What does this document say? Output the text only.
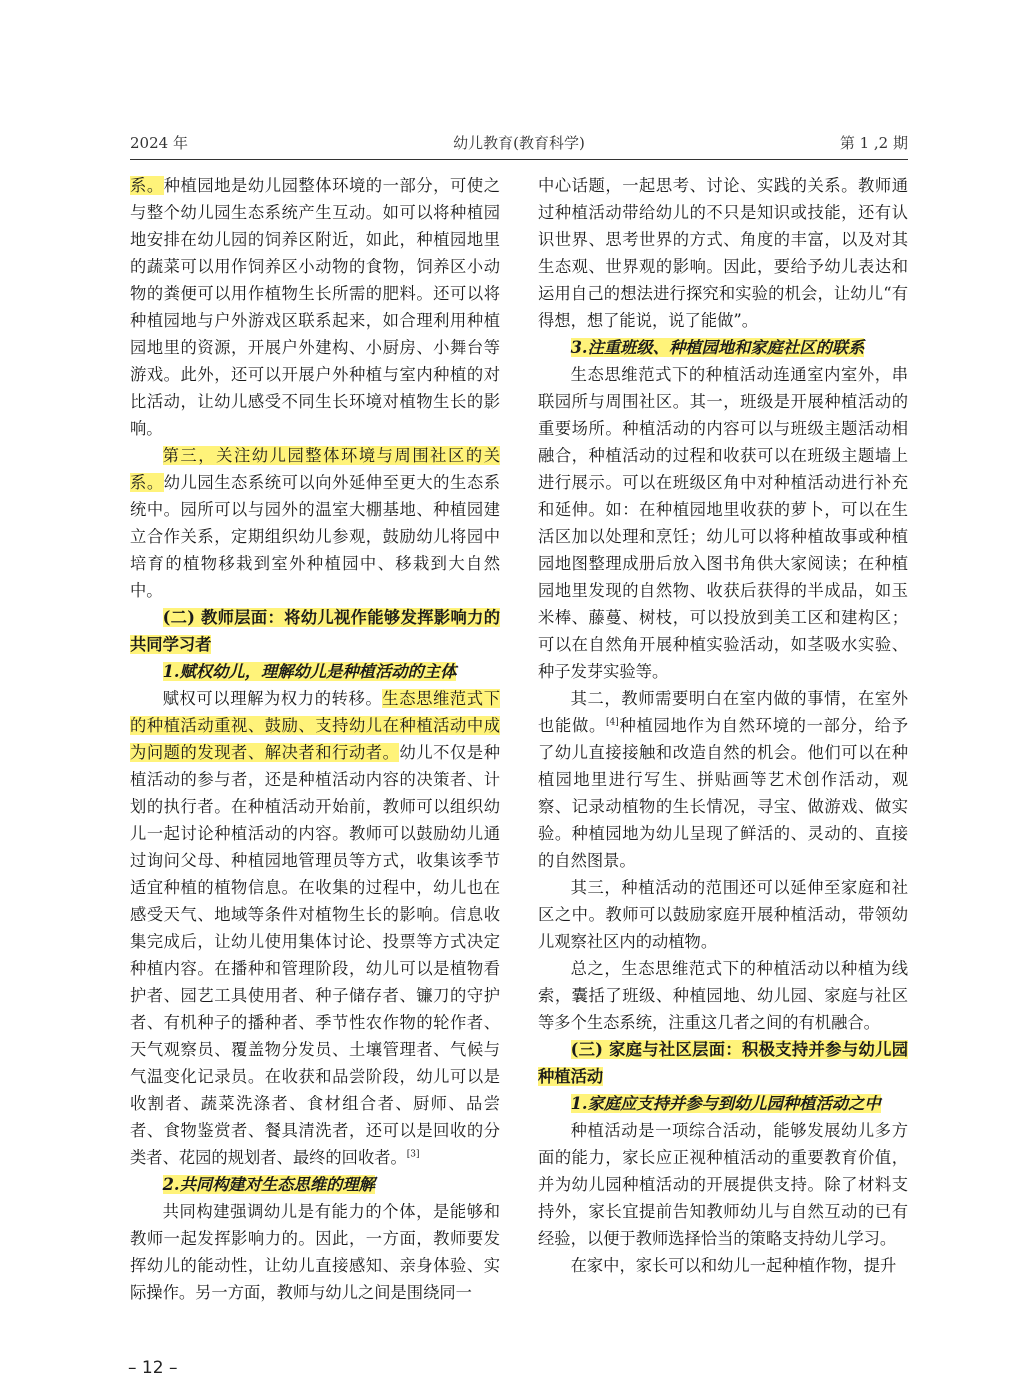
2024 年	幼儿教育(教育科学)	第 1 ,2 期

系。种植园地是幼儿园整体环境的一部分，可使之与整个幼儿园生态系统产生互动。如可以将种植园地安排在幼儿园的饲养区附近，如此，种植园地里的蔬菜可以用作饲养区小动物的食物，饲养区小动物的粪便可以用作植物生长所需的肥料。还可以将种植园地与户外游戏区联系起来，如合理利用种植园地里的资源，开展户外建构、小厨房、小舞台等游戏。此外，还可以开展户外种植与室内种植的对比活动，让幼儿感受不同生长环境对植物生长的影响。

第三，关注幼儿园整体环境与周围社区的关系。幼儿园生态系统可以向外延伸至更大的生态系统中。园所可以与园外的温室大棚基地、种植园建立合作关系，定期组织幼儿参观，鼓励幼儿将园中培育的植物移栽到室外种植园中、移栽到大自然中。

(二) 教师层面：将幼儿视作能够发挥影响力的共同学习者

1.赋权幼儿，理解幼儿是种植活动的主体

赋权可以理解为权力的转移。生态思维范式下的种植活动重视、鼓励、支持幼儿在种植活动中成为问题的发现者、解决者和行动者。幼儿不仅是种植活动的参与者，还是种植活动内容的决策者、计划的执行者。在种植活动开始前，教师可以组织幼儿一起讨论种植活动的内容。教师可以鼓励幼儿通过询问父母、种植园地管理员等方式，收集该季节适宜种植的植物信息。在收集的过程中，幼儿也在感受天气、地域等条件对植物生长的影响。信息收集完成后，让幼儿使用集体讨论、投票等方式决定种植内容。在播种和管理阶段，幼儿可以是植物看护者、园艺工具使用者、种子储存者、镰刀的守护者、有机种子的播种者、季节性农作物的轮作者、天气观察员、覆盖物分发员、土壤管理者、气候与气温变化记录员。在收获和品尝阶段，幼儿可以是收割者、蔬菜洗涤者、食材组合者、厨师、品尝者、食物鉴赏者、餐具清洗者，还可以是回收的分类者、花园的规划者、最终的回收者。[3]

2.共同构建对生态思维的理解

共同构建强调幼儿是有能力的个体，是能够和教师一起发挥影响力的。因此，一方面，教师要发挥幼儿的能动性，让幼儿直接感知、亲身体验、实际操作。另一方面，教师与幼儿之间是围绕同一

中心话题，一起思考、讨论、实践的关系。教师通过种植活动带给幼儿的不只是知识或技能，还有认识世界、思考世界的方式、角度的丰富，以及对其生态观、世界观的影响。因此，要给予幼儿表达和运用自己的想法进行探究和实验的机会，让幼儿“有得想，想了能说，说了能做”。

3.注重班级、种植园地和家庭社区的联系

生态思维范式下的种植活动连通室内室外，串联园所与周围社区。其一，班级是开展种植活动的重要场所。种植活动的内容可以与班级主题活动相融合，种植活动的过程和收获可以在班级主题墙上进行展示。可以在班级区角中对种植活动进行补充和延伸。如：在种植园地里收获的萝卜，可以在生活区加以处理和烹饪；幼儿可以将种植故事或种植园地图整理成册后放入图书角供大家阅读；在种植园地里发现的自然物、收获后获得的半成品，如玉米棒、藤蔓、树枝，可以投放到美工区和建构区；可以在自然角开展种植实验活动，如茎吸水实验、种子发芽实验等。

其二，教师需要明白在室内做的事情，在室外也能做。[4]种植园地作为自然环境的一部分，给予了幼儿直接接触和改造自然的机会。他们可以在种植园地里进行写生、拼贴画等艺术创作活动，观察、记录动植物的生长情况，寻宝、做游戏、做实验。种植园地为幼儿呈现了鲜活的、灵动的、直接的自然图景。

其三，种植活动的范围还可以延伸至家庭和社区之中。教师可以鼓励家庭开展种植活动，带领幼儿观察社区内的动植物。

总之，生态思维范式下的种植活动以种植为线索，囊括了班级、种植园地、幼儿园、家庭与社区等多个生态系统，注重这几者之间的有机融合。

(三) 家庭与社区层面：积极支持并参与幼儿园种植活动

1.家庭应支持并参与到幼儿园种植活动之中

种植活动是一项综合活动，能够发展幼儿多方面的能力，家长应正视种植活动的重要教育价值，并为幼儿园种植活动的开展提供支持。除了材料支持外，家长宜提前告知教师幼儿与自然互动的已有经验，以便于教师选择恰当的策略支持幼儿学习。

在家中，家长可以和幼儿一起种植作物，提升

– 12 –
